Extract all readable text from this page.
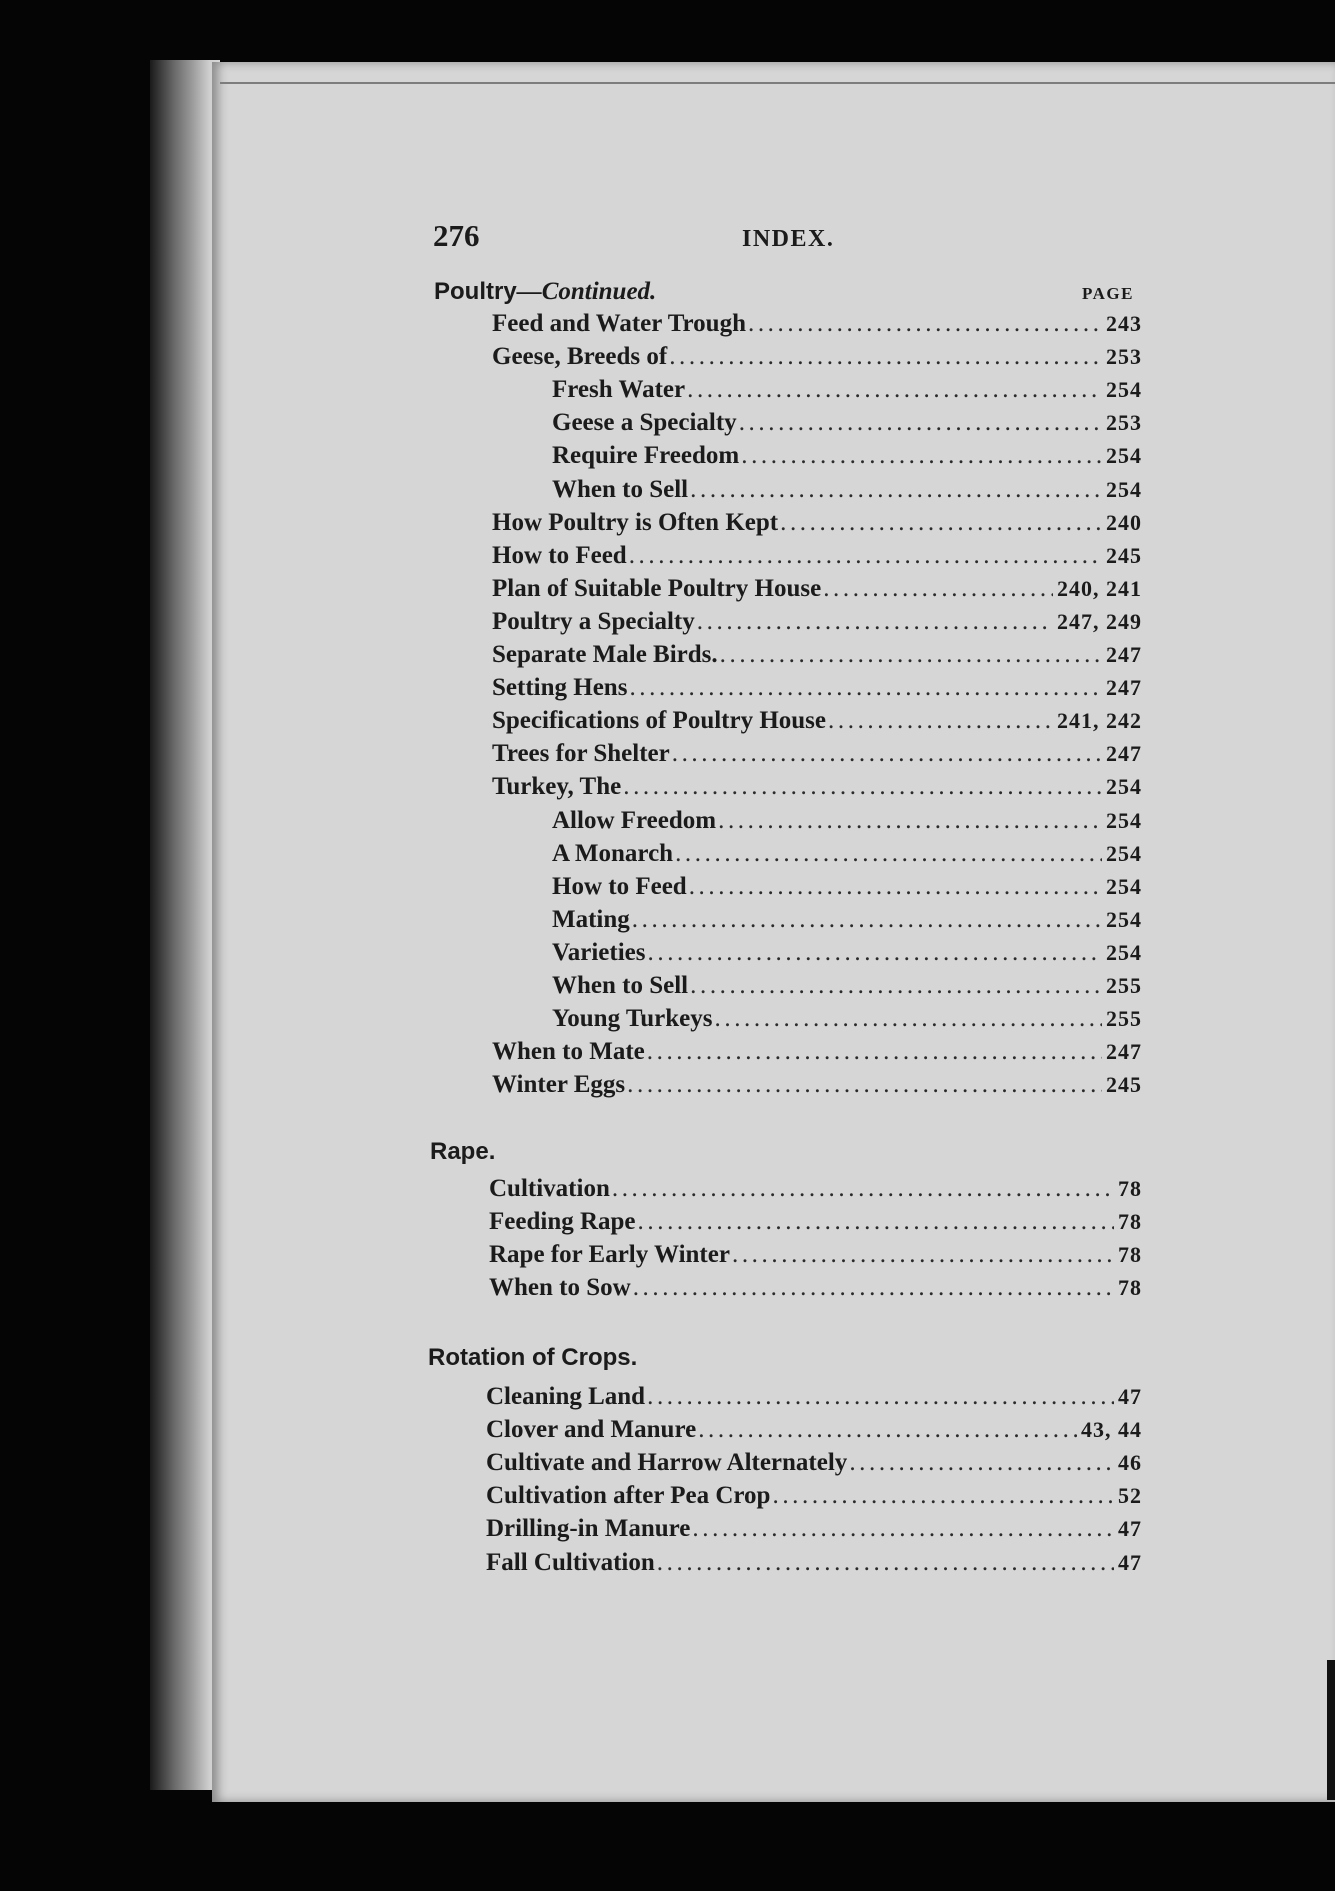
276	INDEX.
PAGE
Poultry—Continued.
Feed and Water Trough .....	243
Geese, Breeds of .....	253
Fresh Water .....	254
Geese a Specialty .....	253
Require Freedom .....	254
When to Sell .....	254
How Poultry is Often Kept .....	240
How to Feed .....	245
Plan of Suitable Poultry House .....	240, 241
Poultry a Specialty .....	247, 249
Separate Male Birds. .....	247
Setting Hens .....	247
Specifications of Poultry House .....	241, 242
Trees for Shelter .....	247
Turkey, The .....	254
Allow Freedom .....	254
A Monarch .....	254
How to Feed .....	254
Mating .....	254
Varieties .....	254
When to Sell .....	255
Young Turkeys .....	255
When to Mate .....	247
Winter Eggs .....	245
Rape.
Cultivation .....	78
Feeding Rape .....	78
Rape for Early Winter .....	78
When to Sow .....	78
Rotation of Crops.
Cleaning Land .....	47
Clover and Manure .....	43, 44
Cultivate and Harrow Alternately .....	46
Cultivation after Pea Crop .....	52
Drilling-in Manure .....	47
Fall Cultivation .....	47
